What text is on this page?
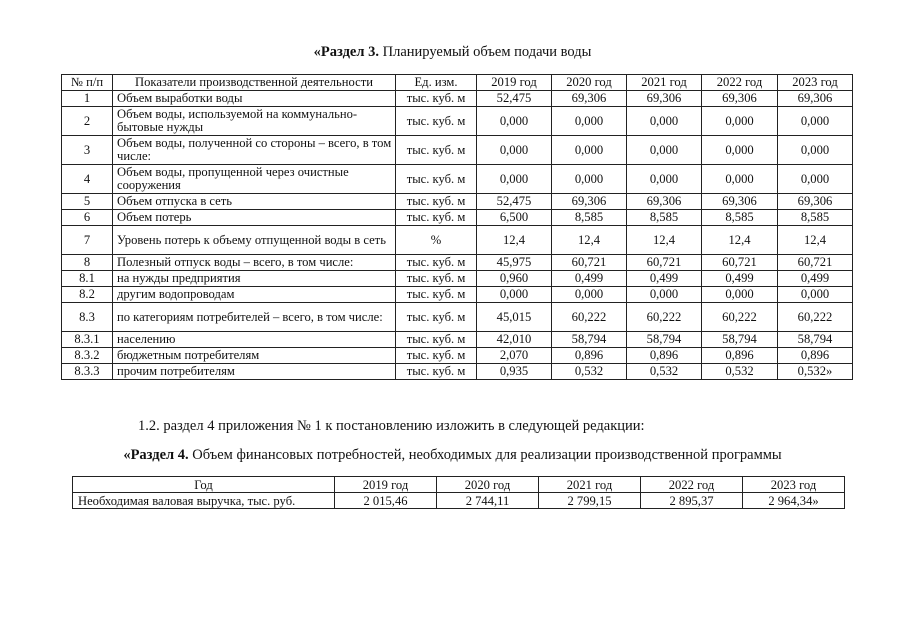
«Раздел 3. Планируемый объем подачи воды
№ п/п	Показатели производственной деятельности	Ед. изм.	2019 год	2020 год	2021 год	2022 год	2023 год
1	Объем выработки воды	тыс. куб. м	52,475	69,306	69,306	69,306	69,306
2	Объем воды, используемой на коммунально-бытовые нужды	тыс. куб. м	0,000	0,000	0,000	0,000	0,000
3	Объем воды, полученной со стороны – всего, в том числе:	тыс. куб. м	0,000	0,000	0,000	0,000	0,000
4	Объем воды, пропущенной через очистные сооружения	тыс. куб. м	0,000	0,000	0,000	0,000	0,000
5	Объем отпуска в сеть	тыс. куб. м	52,475	69,306	69,306	69,306	69,306
6	Объем потерь	тыс. куб. м	6,500	8,585	8,585	8,585	8,585
7	Уровень потерь к объему отпущенной воды в сеть	%	12,4	12,4	12,4	12,4	12,4
8	Полезный отпуск воды – всего, в том числе:	тыс. куб. м	45,975	60,721	60,721	60,721	60,721
8.1	на нужды предприятия	тыс. куб. м	0,960	0,499	0,499	0,499	0,499
8.2	другим водопроводам	тыс. куб. м	0,000	0,000	0,000	0,000	0,000
8.3	по категориям потребителей – всего, в том числе:	тыс. куб. м	45,015	60,222	60,222	60,222	60,222
8.3.1	населению	тыс. куб. м	42,010	58,794	58,794	58,794	58,794
8.3.2	бюджетным потребителям	тыс. куб. м	2,070	0,896	0,896	0,896	0,896
8.3.3	прочим потребителям	тыс. куб. м	0,935	0,532	0,532	0,532	0,532»
1.2. раздел 4 приложения № 1 к постановлению изложить в следующей редакции:
«Раздел 4. Объем финансовых потребностей, необходимых для реализации производственной программы
Год	2019 год	2020 год	2021 год	2022 год	2023 год
Необходимая валовая выручка, тыс. руб.	2 015,46	2 744,11	2 799,15	2 895,37	2 964,34»
